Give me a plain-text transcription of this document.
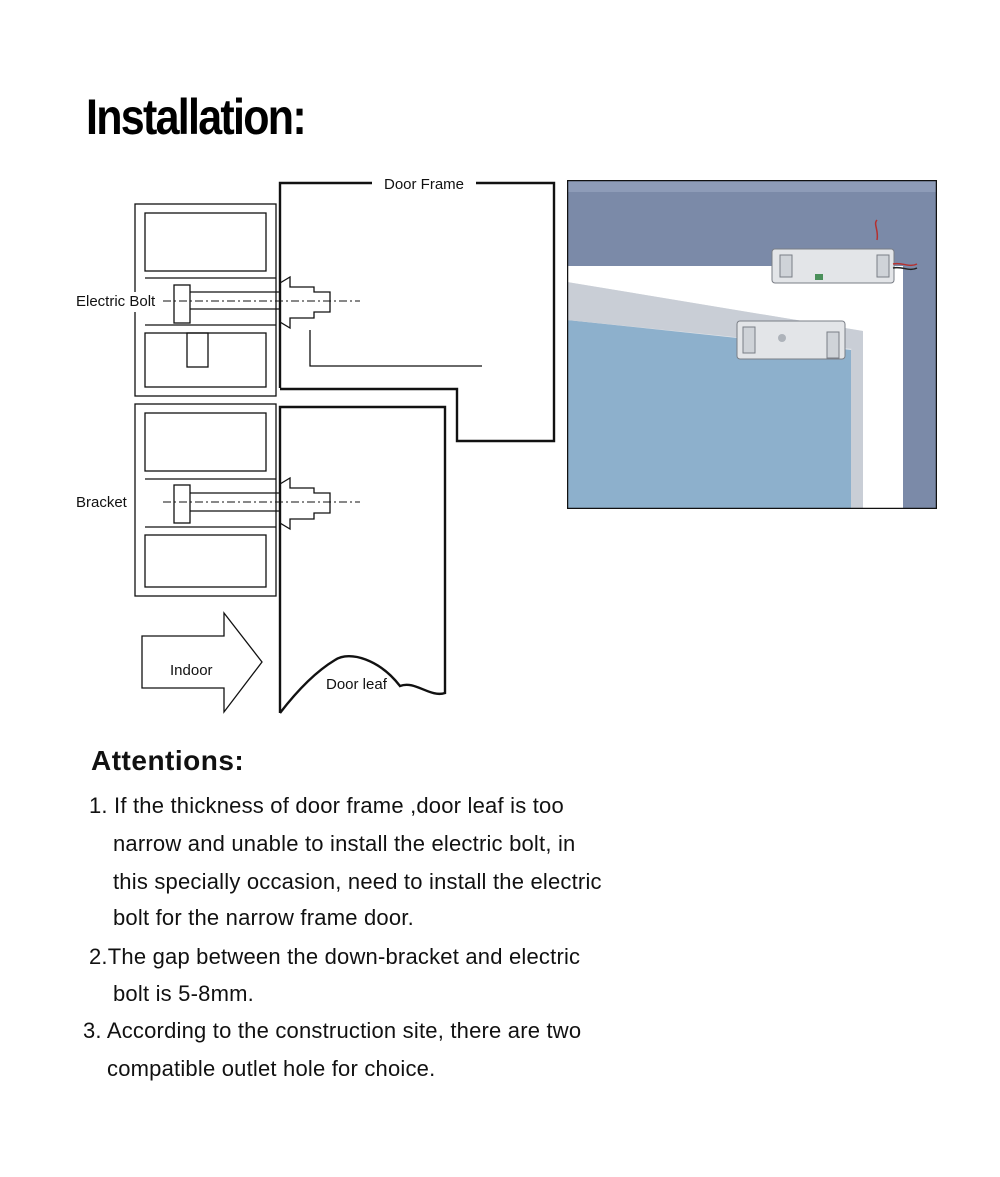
Installation:
Door Frame
Electric Bolt
Bracket
Indoor
Door leaf
Attentions:

1. If the thickness of door frame ,door leaf is too

narrow and unable to install the electric bolt, in

this specially occasion, need to install the electric

bolt for the narrow frame door.

2.The gap between the down-bracket and electric

bolt is 5-8mm.

3. According to the construction site, there are two

compatible outlet hole for choice.
